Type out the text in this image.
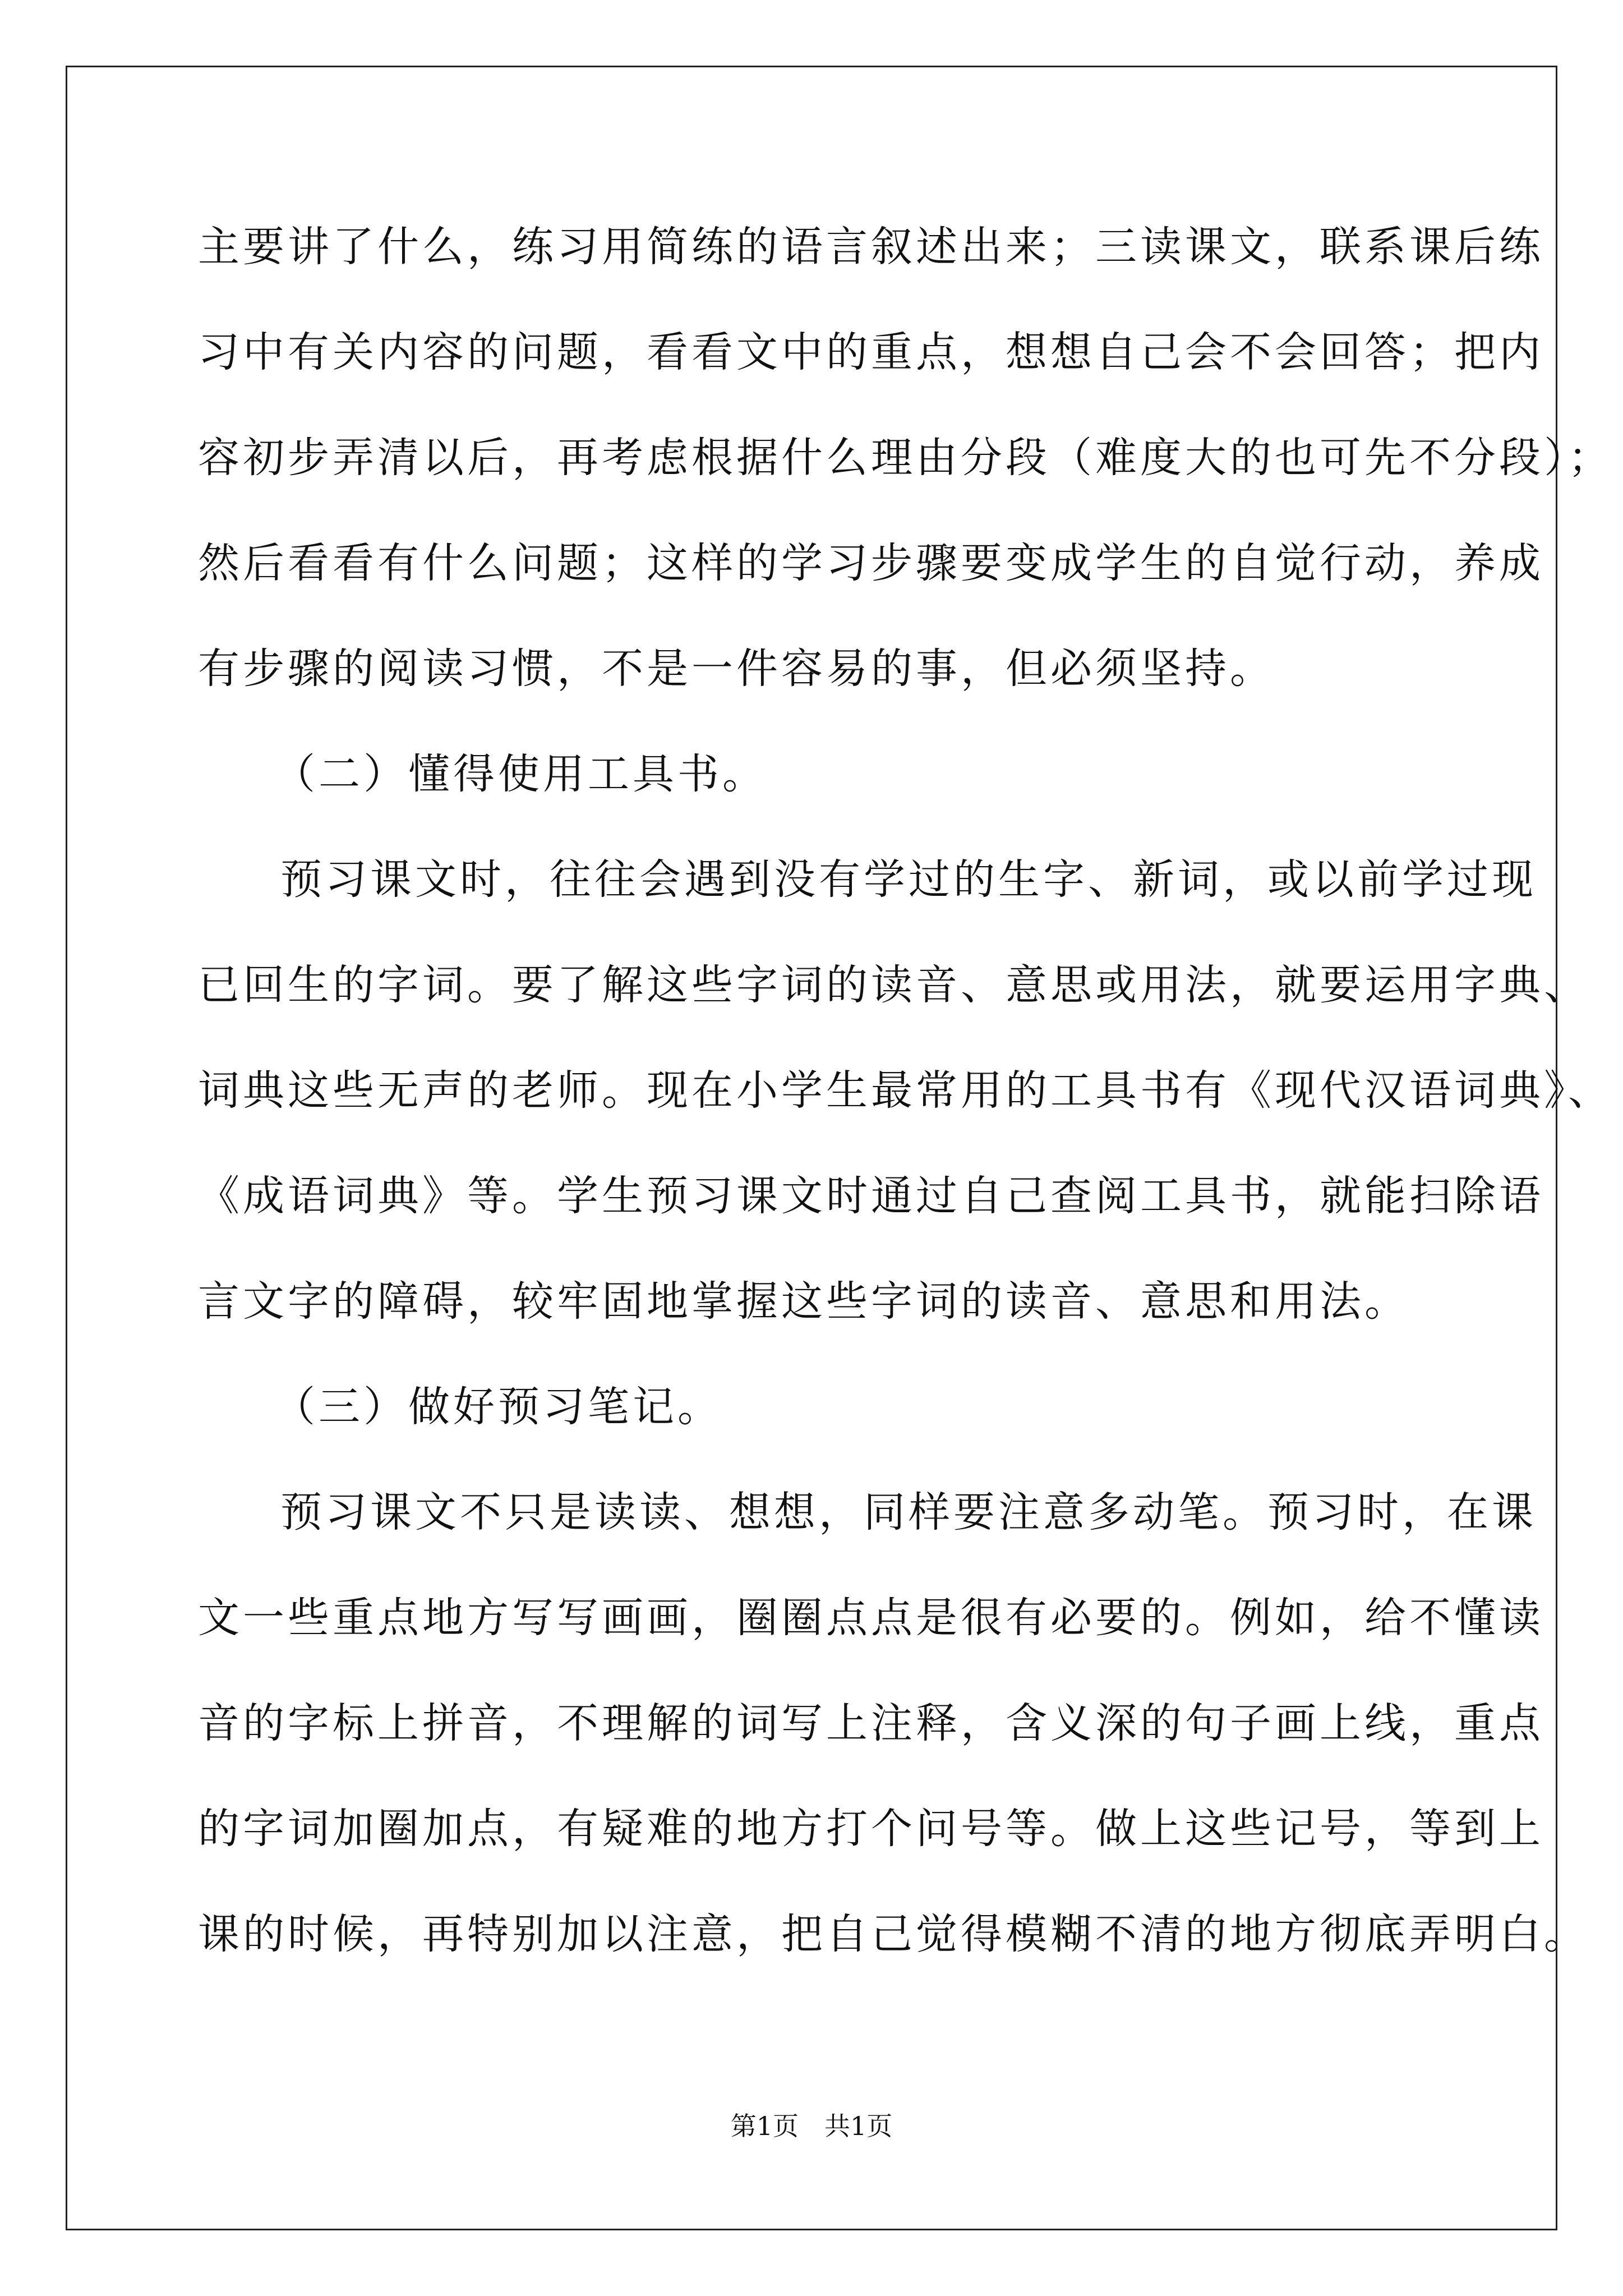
主要讲了什么，练习用简练的语言叙述出来；三读课文，联系课后练
习中有关内容的问题，看看文中的重点，想想自己会不会回答；把内
容初步弄清以后，再考虑根据什么理由分段（难度大的也可先不分段）；
然后看看有什么问题；这样的学习步骤要变成学生的自觉行动，养成
有步骤的阅读习惯，不是一件容易的事，但必须坚持。
（二）懂得使用工具书。
预习课文时，往往会遇到没有学过的生字、新词，或以前学过现
已回生的字词。要了解这些字词的读音、意思或用法，就要运用字典、
词典这些无声的老师。现在小学生最常用的工具书有《现代汉语词典》、
《成语词典》等。学生预习课文时通过自己查阅工具书，就能扫除语
言文字的障碍，较牢固地掌握这些字词的读音、意思和用法。
（三）做好预习笔记。
预习课文不只是读读、想想，同样要注意多动笔。预习时，在课
文一些重点地方写写画画，圈圈点点是很有必要的。例如，给不懂读
音的字标上拼音，不理解的词写上注释，含义深的句子画上线，重点
的字词加圈加点，有疑难的地方打个问号等。做上这些记号，等到上
课的时候，再特别加以注意，把自己觉得模糊不清的地方彻底弄明白。
第1页　共1页
